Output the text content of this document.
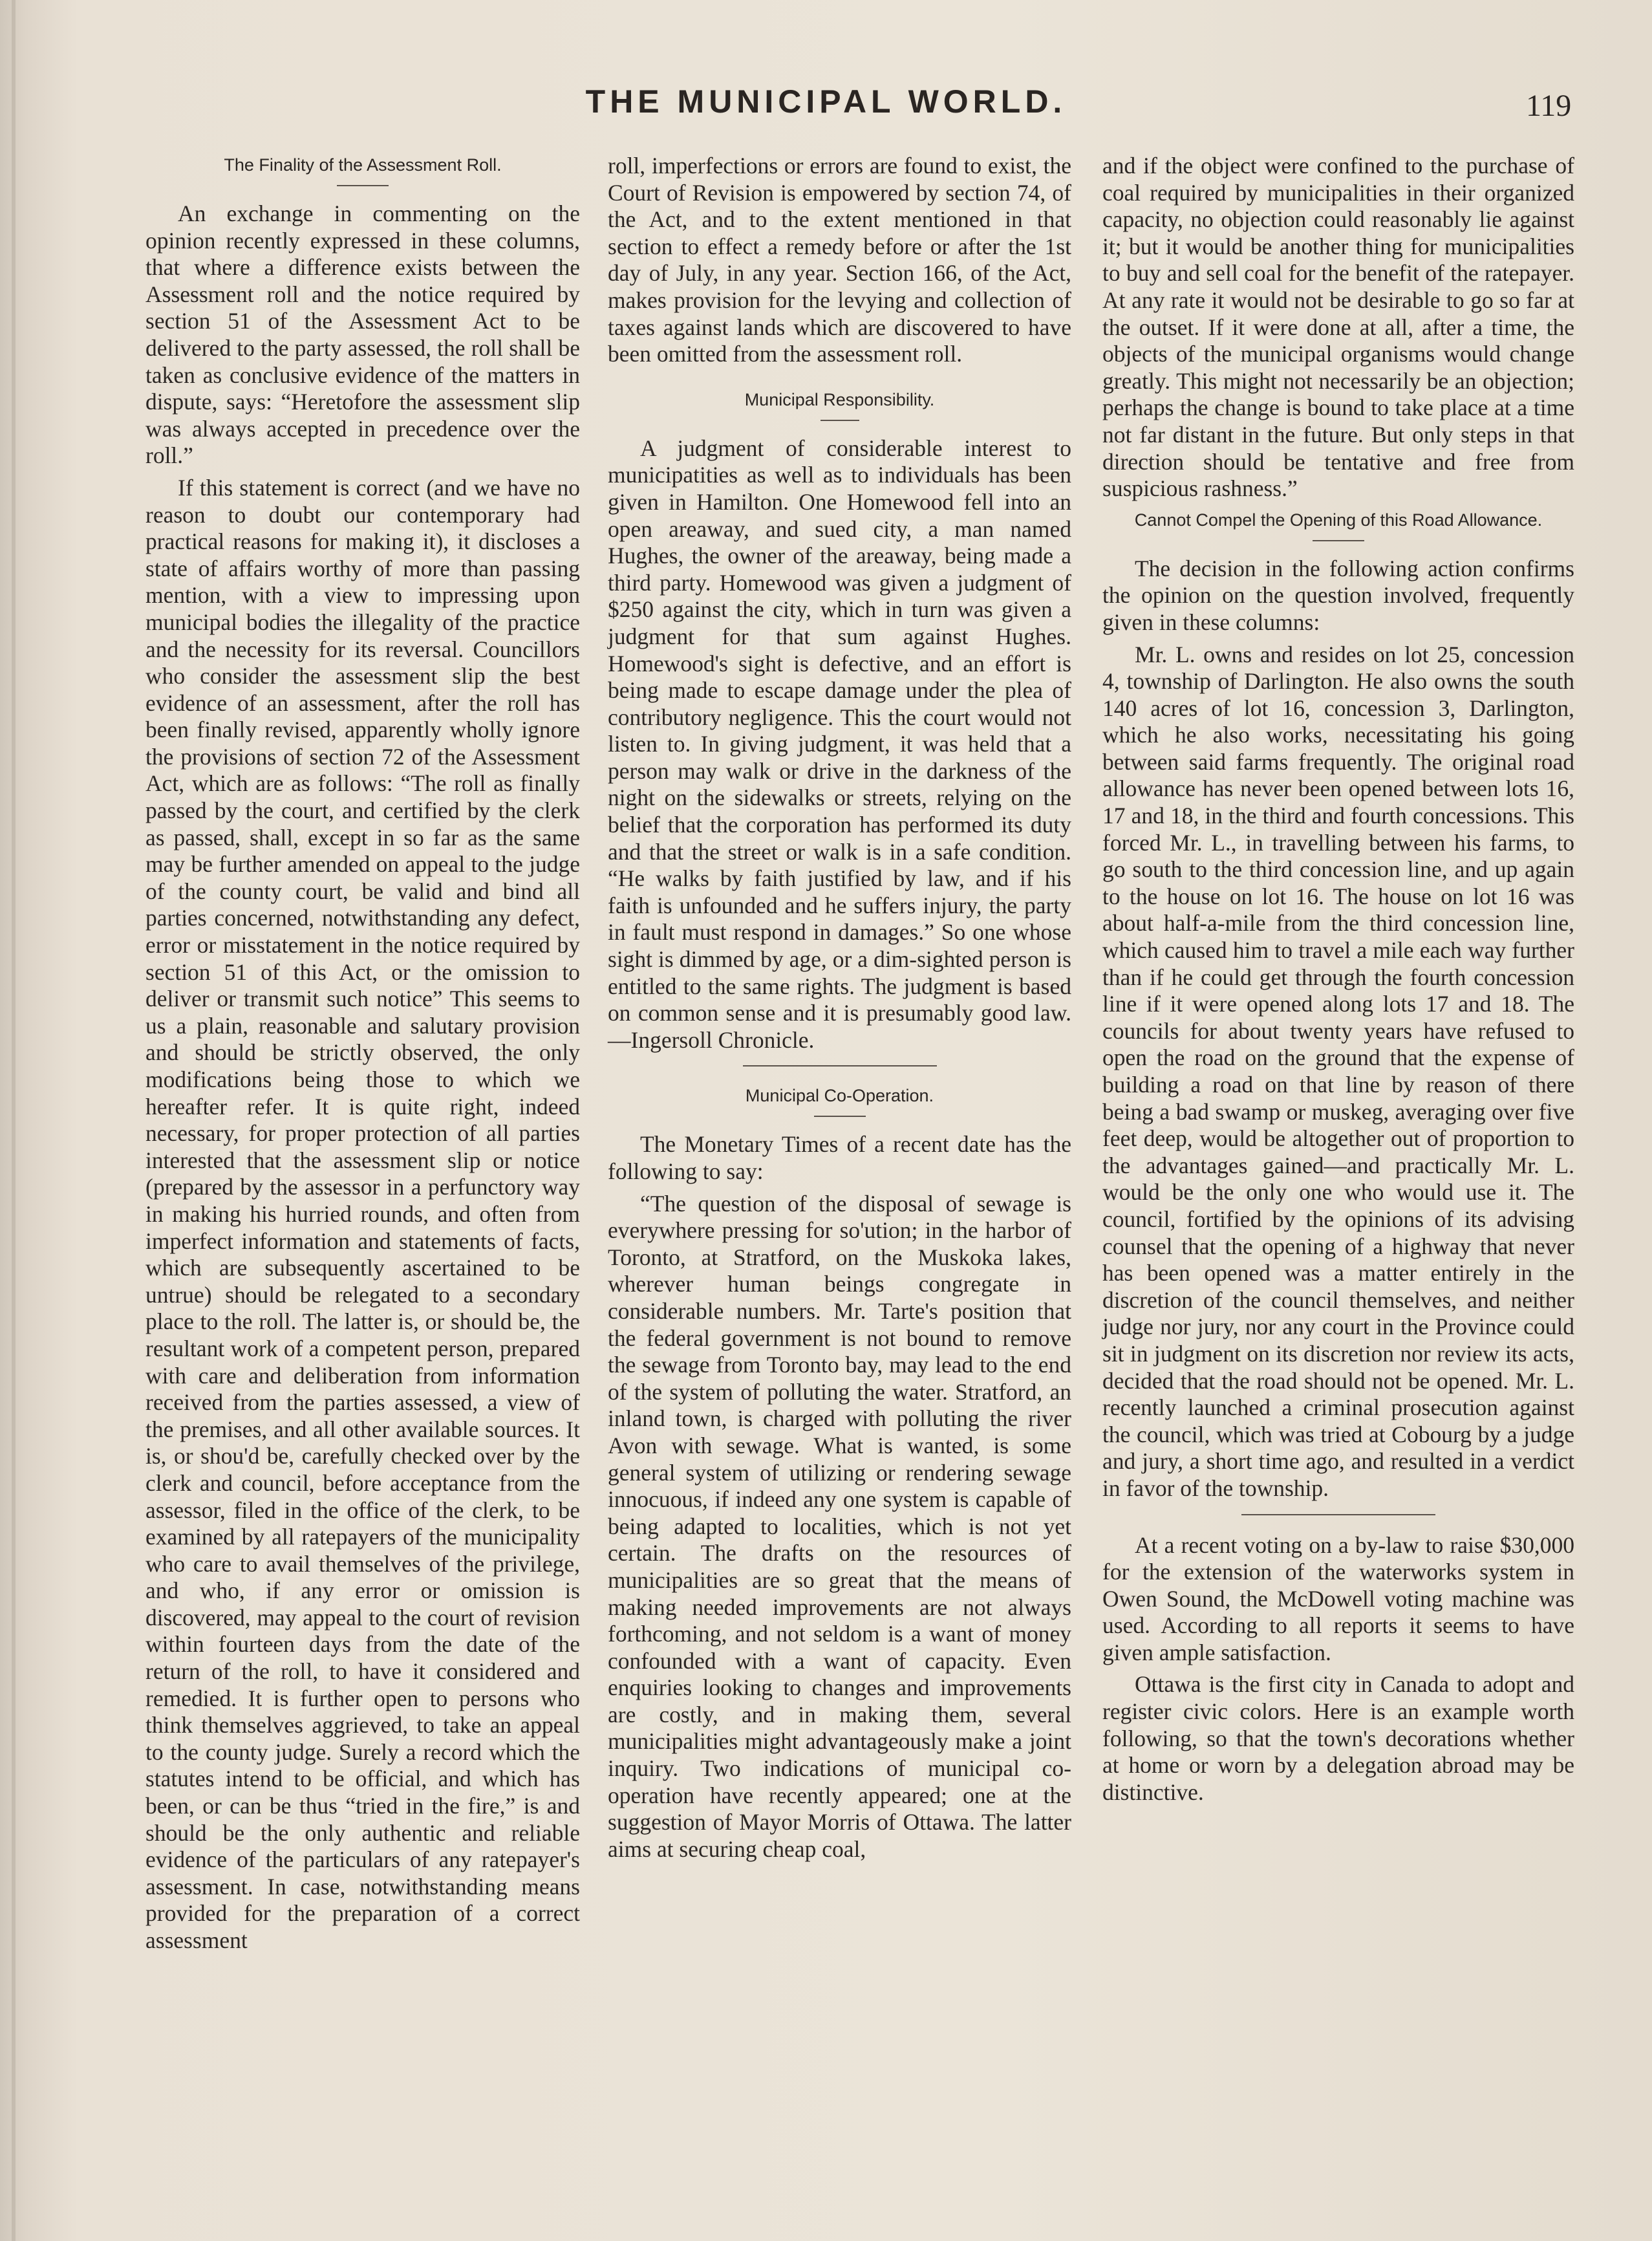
THE MUNICIPAL WORLD.	119
The Finality of the Assessment Roll.

An exchange in commenting on the opinion recently expressed in these columns, that where a difference exists between the Assessment roll and the notice required by section 51 of the Assessment Act to be delivered to the party assessed, the roll shall be taken as conclusive evidence of the matters in dispute, says: “Heretofore the assessment slip was always accepted in precedence over the roll.”

If this statement is correct (and we have no reason to doubt our contemporary had practical reasons for making it), it discloses a state of affairs worthy of more than passing mention, with a view to impressing upon municipal bodies the illegality of the practice and the necessity for its reversal. Councillors who consider the assessment slip the best evidence of an assessment, after the roll has been finally revised, apparently wholly ignore the provisions of section 72 of the Assessment Act, which are as follows: “The roll as finally passed by the court, and certified by the clerk as passed, shall, except in so far as the same may be further amended on appeal to the judge of the county court, be valid and bind all parties concerned, notwithstanding any defect, error or misstatement in the notice required by section 51 of this Act, or the omission to deliver or transmit such notice” This seems to us a plain, reasonable and salutary provision and should be strictly observed, the only modifications being those to which we hereafter refer. It is quite right, indeed necessary, for proper protection of all parties interested that the assessment slip or notice (prepared by the assessor in a perfunctory way in making his hurried rounds, and often from imperfect information and statements of facts, which are subsequently ascertained to be untrue) should be relegated to a secondary place to the roll. The latter is, or should be, the resultant work of a competent person, prepared with care and deliberation from information received from the parties assessed, a view of the premises, and all other available sources. It is, or shou'd be, carefully checked over by the clerk and council, before acceptance from the assessor, filed in the office of the clerk, to be examined by all ratepayers of the municipality who care to avail themselves of the privilege, and who, if any error or omission is discovered, may appeal to the court of revision within fourteen days from the date of the return of the roll, to have it considered and remedied. It is further open to persons who think themselves aggrieved, to take an appeal to the county judge. Surely a record which the statutes intend to be official, and which has been, or can be thus “tried in the fire,” is and should be the only authentic and reliable evidence of the particulars of any ratepayer's assessment. In case, notwithstanding means provided for the preparation of a correct assessment

roll, imperfections or errors are found to exist, the Court of Revision is empowered by section 74, of the Act, and to the extent mentioned in that section to effect a remedy before or after the 1st day of July, in any year. Section 166, of the Act, makes provision for the levying and collection of taxes against lands which are discovered to have been omitted from the assessment roll.

Municipal Responsibility.

A judgment of considerable interest to municipatities as well as to individuals has been given in Hamilton. One Homewood fell into an open areaway, and sued city, a man named Hughes, the owner of the areaway, being made a third party. Homewood was given a judgment of $250 against the city, which in turn was given a judgment for that sum against Hughes. Homewood's sight is defective, and an effort is being made to escape damage under the plea of contributory negligence. This the court would not listen to. In giving judgment, it was held that a person may walk or drive in the darkness of the night on the sidewalks or streets, relying on the belief that the corporation has performed its duty and that the street or walk is in a safe condition. “He walks by faith justified by law, and if his faith is unfounded and he suffers injury, the party in fault must respond in damages.” So one whose sight is dimmed by age, or a dim-sighted person is entitled to the same rights. The judgment is based on common sense and it is presumably good law.—Ingersoll Chronicle.

Municipal Co-Operation.

The Monetary Times of a recent date has the following to say:

“The question of the disposal of sewage is everywhere pressing for so'ution; in the harbor of Toronto, at Stratford, on the Muskoka lakes, wherever human beings congregate in considerable numbers. Mr. Tarte's position that the federal government is not bound to remove the sewage from Toronto bay, may lead to the end of the system of polluting the water. Stratford, an inland town, is charged with polluting the river Avon with sewage. What is wanted, is some general system of utilizing or rendering sewage innocuous, if indeed any one system is capable of being adapted to localities, which is not yet certain. The drafts on the resources of municipalities are so great that the means of making needed improvements are not always forthcoming, and not seldom is a want of money confounded with a want of capacity. Even enquiries looking to changes and improvements are costly, and in making them, several municipalities might advantageously make a joint inquiry. Two indications of municipal co-operation have recently appeared; one at the suggestion of Mayor Morris of Ottawa. The latter aims at securing cheap coal,

and if the object were confined to the purchase of coal required by municipalities in their organized capacity, no objection could reasonably lie against it; but it would be another thing for municipalities to buy and sell coal for the benefit of the ratepayer. At any rate it would not be desirable to go so far at the outset. If it were done at all, after a time, the objects of the municipal organisms would change greatly. This might not necessarily be an objection; perhaps the change is bound to take place at a time not far distant in the future. But only steps in that direction should be tentative and free from suspicious rashness.”

Cannot Compel the Opening of this Road Allowance.

The decision in the following action confirms the opinion on the question involved, frequently given in these columns:

Mr. L. owns and resides on lot 25, concession 4, township of Darlington. He also owns the south 140 acres of lot 16, concession 3, Darlington, which he also works, necessitating his going between said farms frequently. The original road allowance has never been opened between lots 16, 17 and 18, in the third and fourth concessions. This forced Mr. L., in travelling between his farms, to go south to the third concession line, and up again to the house on lot 16. The house on lot 16 was about half-a-mile from the third concession line, which caused him to travel a mile each way further than if he could get through the fourth concession line if it were opened along lots 17 and 18. The councils for about twenty years have refused to open the road on the ground that the expense of building a road on that line by reason of there being a bad swamp or muskeg, averaging over five feet deep, would be altogether out of proportion to the advantages gained—and practically Mr. L. would be the only one who would use it. The council, fortified by the opinions of its advising counsel that the opening of a highway that never has been opened was a matter entirely in the discretion of the council themselves, and neither judge nor jury, nor any court in the Province could sit in judgment on its discretion nor review its acts, decided that the road should not be opened. Mr. L. recently launched a criminal prosecution against the council, which was tried at Cobourg by a judge and jury, a short time ago, and resulted in a verdict in favor of the township.

At a recent voting on a by-law to raise $30,000 for the extension of the waterworks system in Owen Sound, the McDowell voting machine was used. According to all reports it seems to have given ample satisfaction.

Ottawa is the first city in Canada to adopt and register civic colors. Here is an example worth following, so that the town's decorations whether at home or worn by a delegation abroad may be distinctive.
